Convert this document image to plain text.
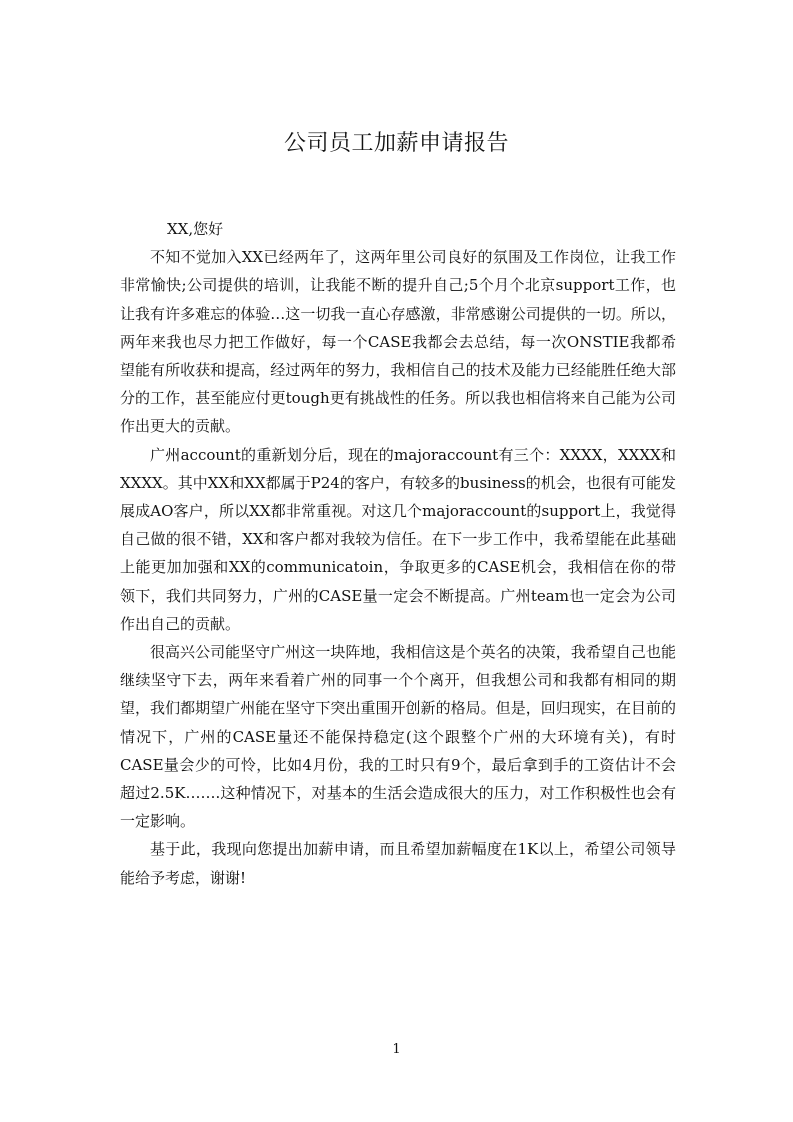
公司员工加薪申请报告

XX,您好

不知不觉加入XX已经两年了，这两年里公司良好的氛围及工作岗位，让我工作非常愉快;公司提供的培训，让我能不断的提升自己;5个月个北京support工作，也让我有许多难忘的体验…这一切我一直心存感激，非常感谢公司提供的一切。所以，两年来我也尽力把工作做好，每一个CASE我都会去总结，每一次ONSTIE我都希望能有所收获和提高，经过两年的努力，我相信自己的技术及能力已经能胜任绝大部分的工作，甚至能应付更tough更有挑战性的任务。所以我也相信将来自己能为公司作出更大的贡献。

广州account的重新划分后，现在的majoraccount有三个：XXXX，XXXX和XXXX。其中XX和XX都属于P24的客户，有较多的business的机会，也很有可能发展成AO客户，所以XX都非常重视。对这几个majoraccount的support上，我觉得自己做的很不错，XX和客户都对我较为信任。在下一步工作中，我希望能在此基础上能更加加强和XX的communicatoin，争取更多的CASE机会，我相信在你的带领下，我们共同努力，广州的CASE量一定会不断提高。广州team也一定会为公司作出自己的贡献。

很高兴公司能坚守广州这一块阵地，我相信这是个英名的决策，我希望自己也能继续坚守下去，两年来看着广州的同事一个个离开，但我想公司和我都有相同的期望，我们都期望广州能在坚守下突出重围开创新的格局。但是，回归现实，在目前的情况下，广州的CASE量还不能保持稳定(这个跟整个广州的大环境有关)，有时CASE量会少的可怜，比如4月份，我的工时只有9个，最后拿到手的工资估计不会超过2.5K…….这种情况下，对基本的生活会造成很大的压力，对工作积极性也会有一定影响。

基于此，我现向您提出加薪申请，而且希望加薪幅度在1K以上，希望公司领导能给予考虑，谢谢!

1
